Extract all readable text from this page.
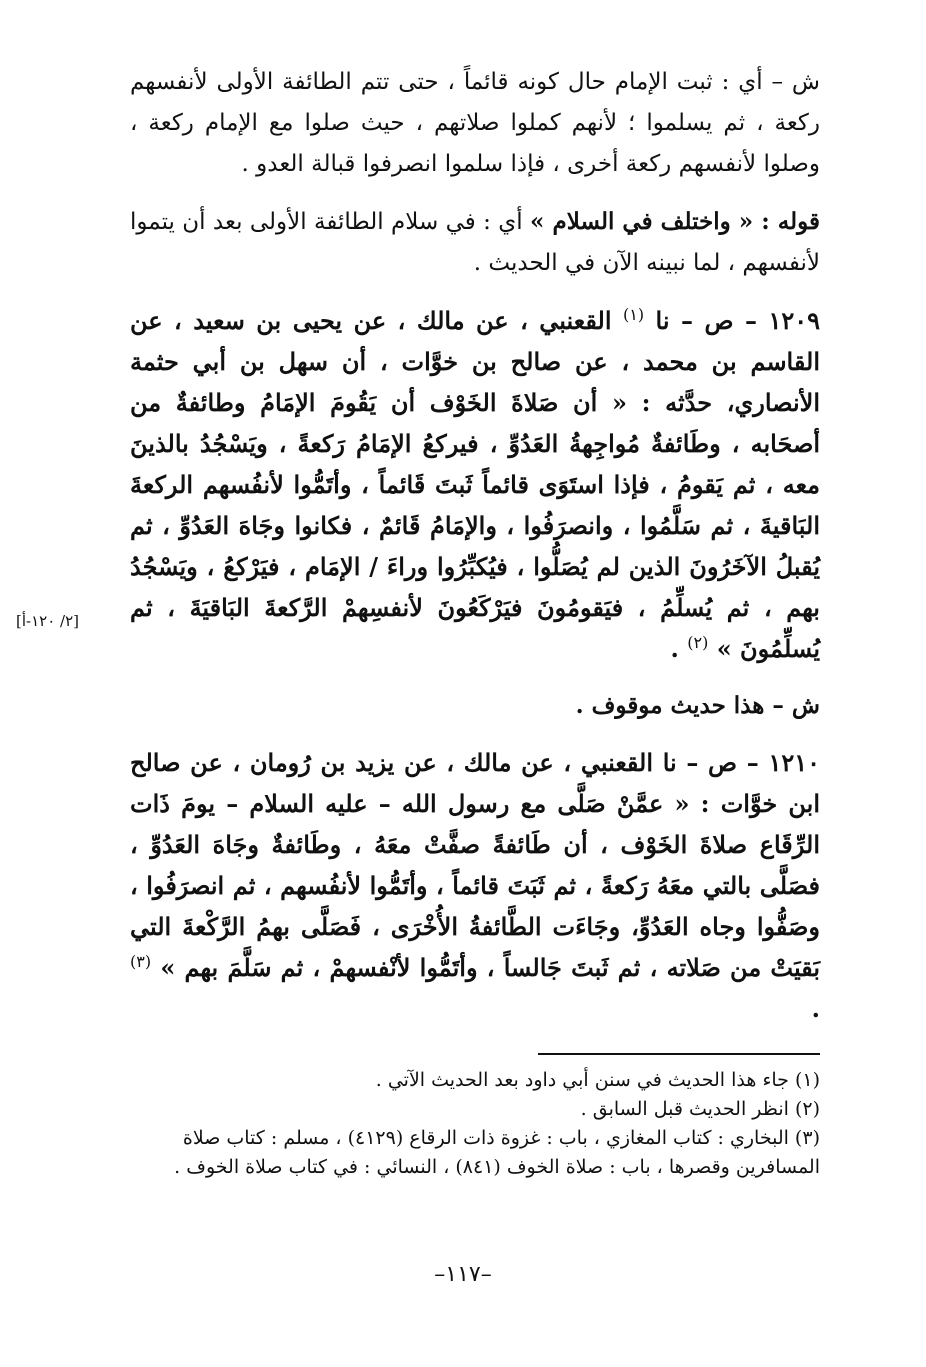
ش – أي : ثبت الإمام حال كونه قائماً ، حتى تتم الطائفة الأولى لأنفسهم ركعة ، ثم يسلموا ؛ لأنهم كملوا صلاتهم ، حيث صلوا مع الإمام ركعة ، وصلوا لأنفسهم ركعة أخرى ، فإذا سلموا انصرفوا قبالة العدو .

قوله : « واختلف في السلام » أي : في سلام الطائفة الأولى بعد أن يتموا لأنفسهم ، لما نبينه الآن في الحديث .

١٢٠٩ – ص – نا $^{(١)}$ القعنبي ، عن مالك ، عن يحيى بن سعيد ، عن القاسم بن محمد ، عن صالح بن خوَّات ، أن سهل بن أبي حثمة الأنصاري، حدَّثه : « أن صَلاةَ الخَوْف أن يَقُومَ الإمَامُ وطائفةٌ من أصحَابه ، وطَائفةٌ مُواجِهةُ العَدُوِّ ، فيركعُ الإمَامُ رَكعةً ، ويَسْجُدُ بالذينَ معه ، ثم يَقومُ ، فإذا استَوَى قائماً ثَبتَ قَائماً ، وأتَمُّوا لأنفُسهم الركعةَ البَاقيةَ ، ثم سَلَّمُوا ، وانصرَفُوا ، والإمَامُ قَائمٌ ، فكانوا وجَاهَ العَدُوِّ ، ثم يُقبلُ الآخَرُونَ الذين لم يُصَلُّوا ، فيُكبِّرُوا وراءَ / الإمَام ، فيَرْكعُ ، ويَسْجُدُ بهم ، ثم يُسلِّمُ ، فيَقومُونَ فيَرْكَعُونَ لأنفسِهمْ الرَّكعةَ البَاقيَةَ ، ثم يُسلِّمُونَ » $^{(٢)}$ .

ش – هذا حديث موقوف .

١٢١٠ – ص – نا القعنبي ، عن مالك ، عن يزيد بن رُومان ، عن صالح ابن خوَّات : « عمَّنْ صَلَّى مع رسول الله – عليه السلام – يومَ ذَات الرِّقَاع صلاةَ الخَوْف ، أن طَائفةً صفَّتْ معَهُ ، وطَائفةٌ وجَاهَ العَدُوِّ ، فصَلَّى بالتي معَهُ رَكعةً ، ثم ثَبَتَ قائماً ، وأتَمُّوا لأنفُسهم ، ثم انصرَفُوا ، وصَفُّوا وجاه العَدُوِّ، وجَاءَت الطَّائفةُ الأُخْرَى ، فَصَلَّى بهمُ الرَّكْعةَ التي بَقيَتْ من صَلاته ، ثم ثَبتَ جَالساً ، وأتَمُّوا لأنْفسهمْ ، ثم سَلَّمَ بهم » $^{(٣)}$ .

[٢/ ١٢٠-أ]

(١) جاء هذا الحديث في سنن أبي داود بعد الحديث الآتي .

(٢) انظر الحديث قبل السابق .

(٣) البخاري : كتاب المغازي ، باب : غزوة ذات الرقاع (٤١٢٩) ، مسلم : كتاب صلاة المسافرين وقصرها ، باب : صلاة الخوف (٨٤١) ، النسائي : في كتاب صلاة الخوف .

–١١٧–
